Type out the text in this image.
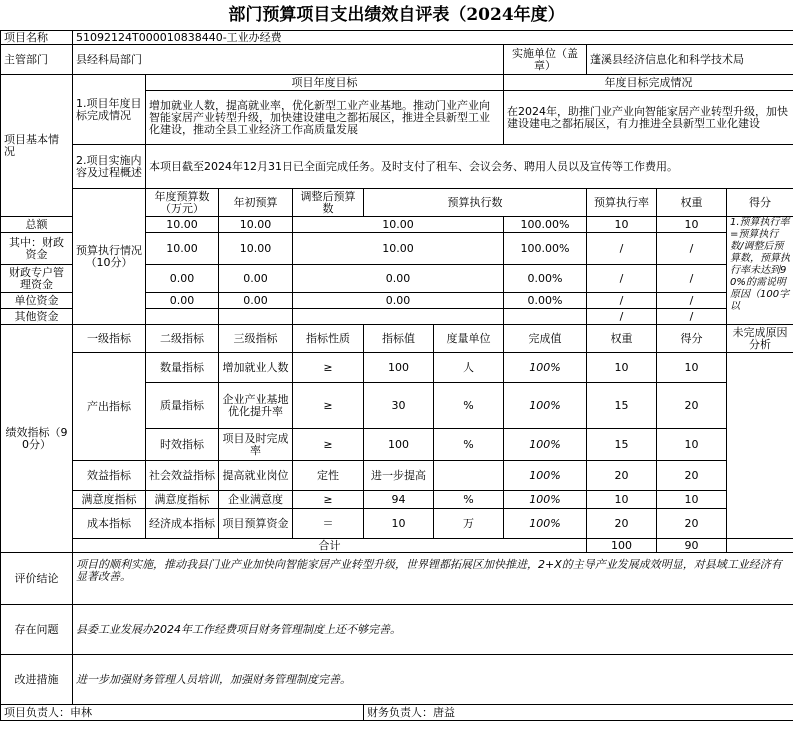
部门预算项目支出绩效自评表（2024年度）
项目名称	51092124T000010838440-工业办经费										
主管部门	县经科局部门						实施单位（盖章）	蓬溪县经济信息化和科学技术局			
项目基本情况	1.项目年度目标完成情况	项目年度目标					年度目标完成情况				
		增加就业人数，提高就业率，优化新型工业产业基地。推动门业产业向智能家居产业转型升级，加快建设建电之都拓展区，推进全县新型工业化建设，推动全县工业经济工作高质量发展					在2024年，助推门业产业向智能家居产业转型升级，加快建设建电之都拓展区，有力推进全县新型工业化建设				
	2.项目实施内容及过程概述	本项目截至2024年12月31日已全面完成任务。及时支付了租车、会议会务、聘用人员以及宣传等工作费用。									
	预算执行情况（10分）	年度预算数（万元）	年初预算	调整后预算数	预算执行数			预算执行率	权重	得分	
总额		10.00	10.00	10.00			100.00%	10	10	1.预算执行率=预算执行数/调整后预算数，预算执行率未达到90%的需说明原因（100字以	
其中：财政资金		10.00	10.00	10.00			100.00%	/	/		
财政专户管理资金		0.00	0.00	0.00			0.00%	/	/		
单位资金		0.00	0.00	0.00			0.00%	/	/		
其他资金								/	/		
绩效指标（90分）	一级指标	二级指标	三级指标	指标性质	指标值	度量单位	完成值	权重	得分	未完成原因分析	
	产出指标	数量指标	增加就业人数	≥	100	人	100%	10	10		
		质量指标	企业产业基地优化提升率	≥	30	%	100%	15	20		
		时效指标	项目及时完成率	≥	100	%	100%	15	10		
	效益指标	社会效益指标	提高就业岗位	定性	进一步提高		100%	20	20		
	满意度指标	满意度指标	企业满意度	≥	94	%	100%	10	10		
	成本指标	经济成本指标	项目预算资金	＝	10	万	100%	20	20		
	合计							100	90		
评价结论	项目的顺利实施，推动我县门业产业加快向智能家居产业转型升级，世界锂都拓展区加快推进，2+X的主导产业发展成效明显，对县域工业经济有显著改善。										
存在问题	县委工业发展办2024年工作经费项目财务管理制度上还不够完善。										
改进措施	进一步加强财务管理人员培训，加强财务管理制度完善。										
项目负责人：申林					财务负责人：唐益						
